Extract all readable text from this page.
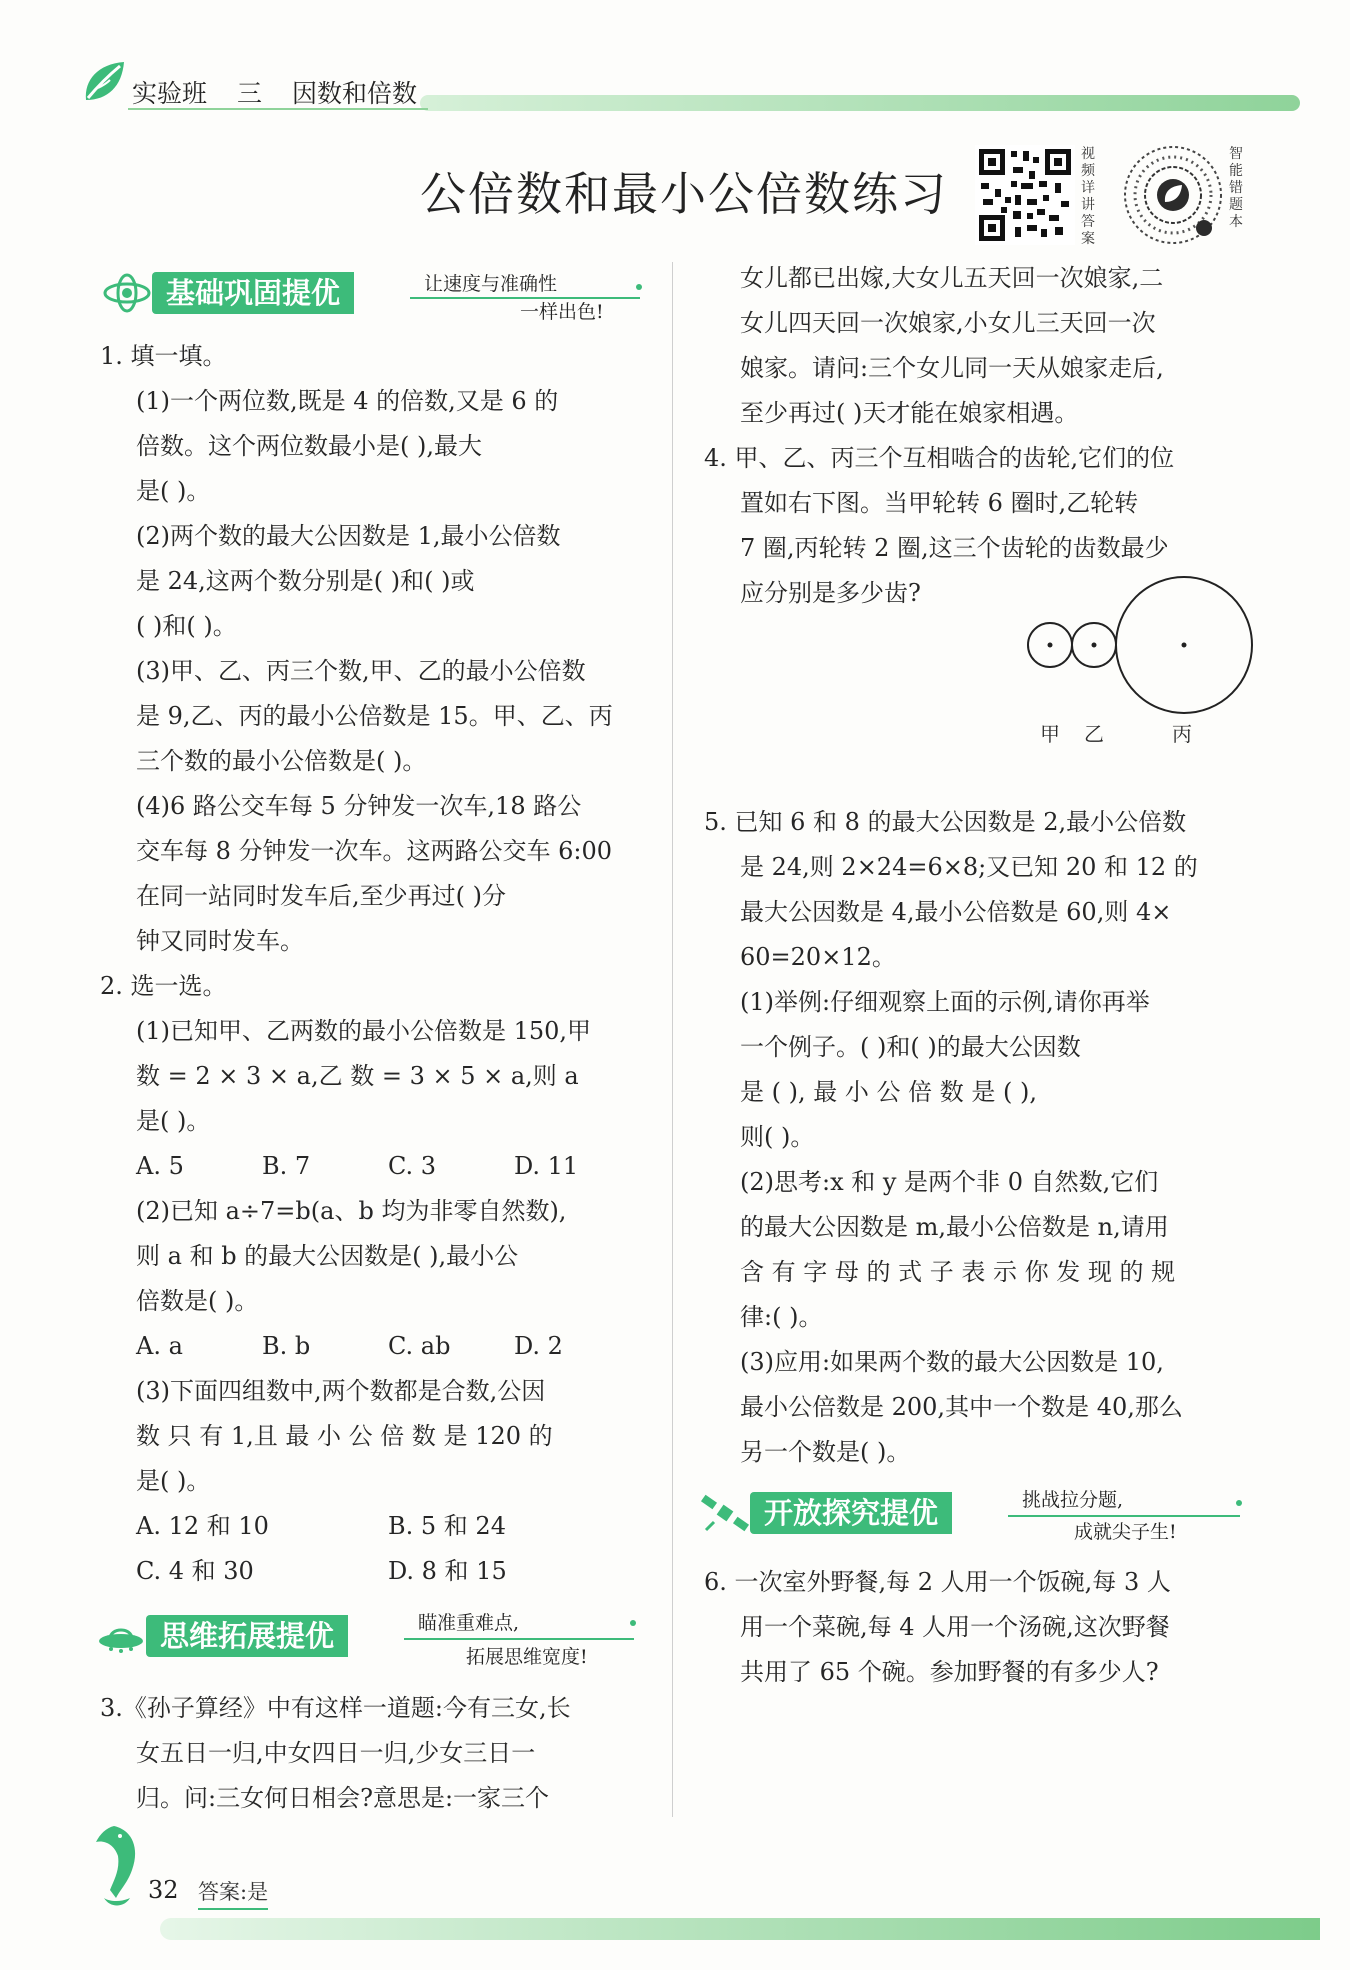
实验班 三 因数和倍数
公倍数和最小公倍数练习
视
频
详
讲
答
案
智
能
错
题
本
基础巩固提优	让速度与准确性
一样出色!
1. 填一填。
(1)一个两位数,既是 4 的倍数,又是 6 的
倍数。这个两位数最小是( ),最大
是( )。
(2)两个数的最大公因数是 1,最小公倍数
是 24,这两个数分别是( )和( )或
( )和( )。
(3)甲、乙、丙三个数,甲、乙的最小公倍数
是 9,乙、丙的最小公倍数是 15。甲、乙、丙
三个数的最小公倍数是( )。
(4)6 路公交车每 5 分钟发一次车,18 路公
交车每 8 分钟发一次车。这两路公交车 6:00
在同一站同时发车后,至少再过( )分
钟又同时发车。
2. 选一选。
(1)已知甲、乙两数的最小公倍数是 150,甲
数 = 2 × 3 × a,乙 数 = 3 × 5 × a,则 a
是( )。
A. 5	B. 7	C. 3	D. 11
(2)已知 a÷7=b(a、b 均为非零自然数),
则 a 和 b 的最大公因数是( ),最小公
倍数是( )。
A. a	B. b	C. ab	D. 2
(3)下面四组数中,两个数都是合数,公因
数 只 有 1,且 最 小 公 倍 数 是 120 的
是( )。
A. 12 和 10	B. 5 和 24
C. 4 和 30	D. 8 和 15
思维拓展提优	瞄准重难点,
拓展思维宽度!
3.《孙子算经》中有这样一道题:今有三女,长
女五日一归,中女四日一归,少女三日一
归。问:三女何日相会?意思是:一家三个
女儿都已出嫁,大女儿五天回一次娘家,二
女儿四天回一次娘家,小女儿三天回一次
娘家。请问:三个女儿同一天从娘家走后,
至少再过( )天才能在娘家相遇。
4. 甲、乙、丙三个互相啮合的齿轮,它们的位
置如右下图。当甲轮转 6 圈时,乙轮转
7 圈,丙轮转 2 圈,这三个齿轮的齿数最少
应分别是多少齿?
甲 乙	丙
5. 已知 6 和 8 的最大公因数是 2,最小公倍数
是 24,则 2×24=6×8;又已知 20 和 12 的
最大公因数是 4,最小公倍数是 60,则 4×
60=20×12。
(1)举例:仔细观察上面的示例,请你再举
一个例子。( )和( )的最大公因数
是 ( ), 最 小 公 倍 数 是 ( ),
则( )。
(2)思考:x 和 y 是两个非 0 自然数,它们
的最大公因数是 m,最小公倍数是 n,请用
含 有 字 母 的 式 子 表 示 你 发 现 的 规
律:( )。
(3)应用:如果两个数的最大公因数是 10,
最小公倍数是 200,其中一个数是 40,那么
另一个数是( )。
开放探究提优	挑战拉分题,
成就尖子生!
6. 一次室外野餐,每 2 人用一个饭碗,每 3 人
用一个菜碗,每 4 人用一个汤碗,这次野餐
共用了 65 个碗。参加野餐的有多少人?
32 答案:是
